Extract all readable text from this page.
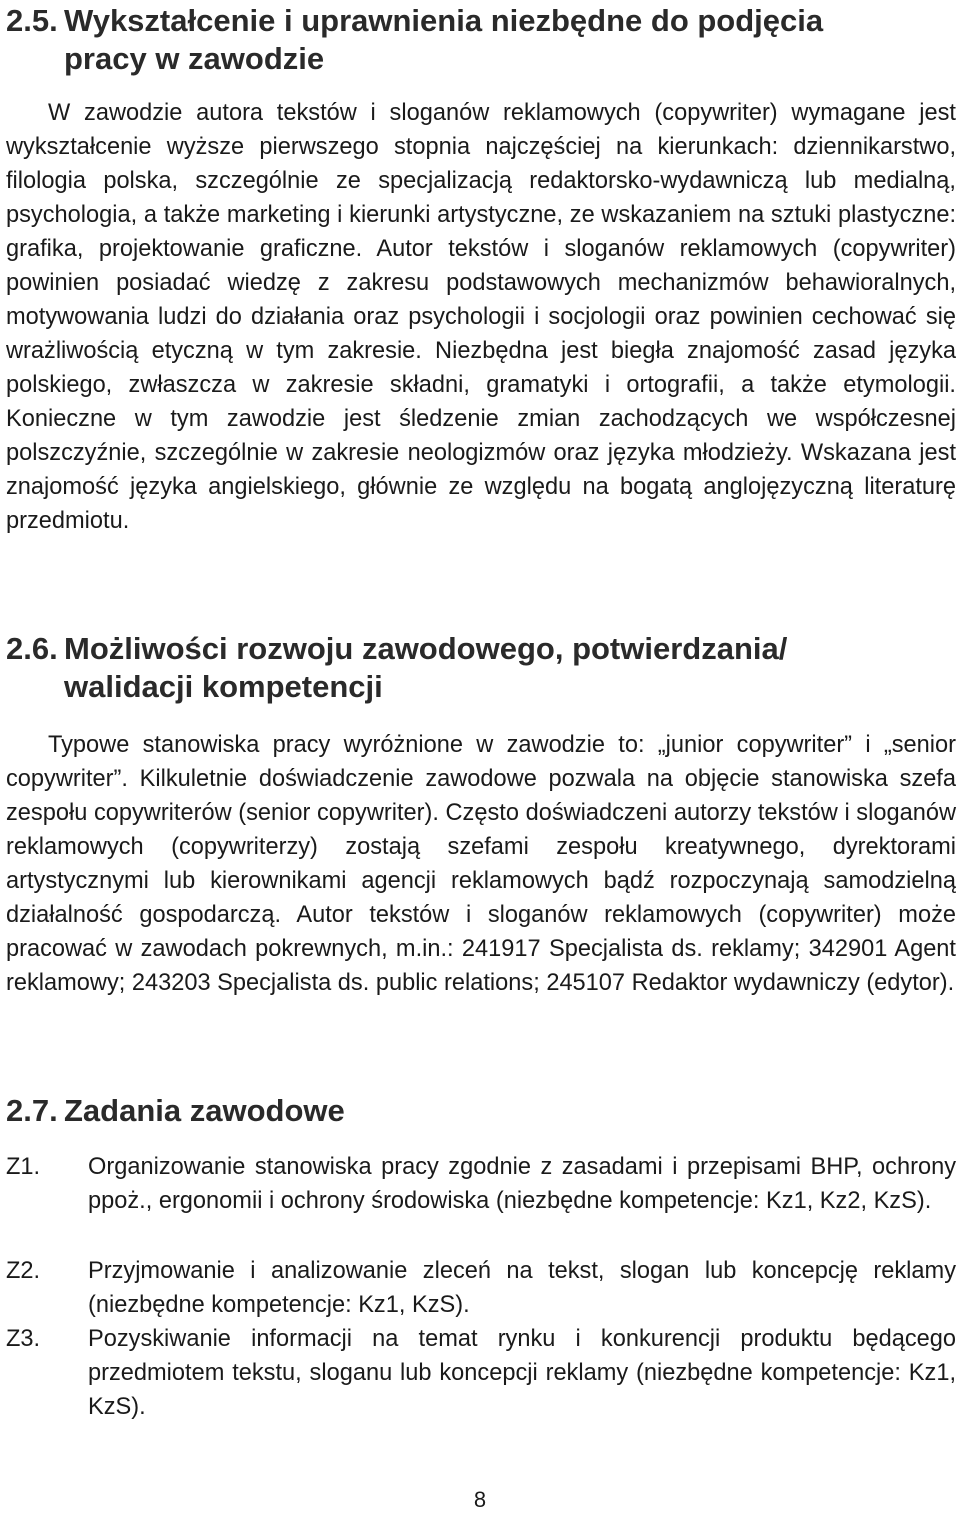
2.5. Wykształcenie i uprawnienia niezbędne do podjęcia
pracy w zawodzie

W zawodzie autora tekstów i sloganów reklamowych (copywriter) wymagane jest wykształcenie wyższe pierwszego stopnia najczęściej na kierunkach: dziennikarstwo, filologia polska, szczególnie ze specjalizacją redaktorsko-wydawniczą lub medialną, psychologia, a także marketing i kierunki artystyczne, ze wskazaniem na sztuki plastyczne: grafika, projektowanie graficzne. Autor tekstów i sloganów reklamowych (copywriter) powinien posiadać wiedzę z zakresu podstawowych mechanizmów behawioralnych, motywowania ludzi do działania oraz psychologii i socjologii oraz powinien cechować się wrażliwością etyczną w tym zakresie. Niezbędna jest biegła znajomość zasad języka polskiego, zwłaszcza w zakresie składni, gramatyki i ortografii, a także etymologii. Konieczne w tym zawodzie jest śledzenie zmian zachodzących we współczesnej polszczyźnie, szczególnie w zakresie neologizmów oraz języka młodzieży. Wskazana jest znajomość języka angielskiego, głównie ze względu na bogatą anglojęzyczną literaturę przedmiotu.

2.6. Możliwości rozwoju zawodowego, potwierdzania/
walidacji kompetencji

Typowe stanowiska pracy wyróżnione w zawodzie to: „junior copywriter” i „senior copywriter”. Kilkuletnie doświadczenie zawodowe pozwala na objęcie stanowiska szefa zespołu copywriterów (senior copywriter). Często doświadczeni autorzy tekstów i sloganów reklamowych (copywriterzy) zostają szefami zespołu kreatywnego, dyrektorami artystycznymi lub kierownikami agencji reklamowych bądź rozpoczynają samodzielną działalność gospodarczą. Autor tekstów i sloganów reklamowych (copywriter) może pracować w zawodach pokrewnych, m.in.: 241917 Specjalista ds. reklamy; 342901 Agent reklamowy; 243203 Specjalista ds. public relations; 245107 Redaktor wydawniczy (edytor).

2.7. Zadania zawodowe
Z1.	Organizowanie stanowiska pracy zgodnie z zasadami i przepisami BHP, ochrony ppoż., ergonomii i ochrony środowiska (niezbędne kompetencje: Kz1, Kz2, KzS).
Z2.	Przyjmowanie i analizowanie zleceń na tekst, slogan lub koncepcję reklamy (niezbędne kompetencje: Kz1, KzS).
Z3.	Pozyskiwanie informacji na temat rynku i konkurencji produktu będącego przedmiotem tekstu, sloganu lub koncepcji reklamy (niezbędne kompetencje: Kz1, KzS).
8
